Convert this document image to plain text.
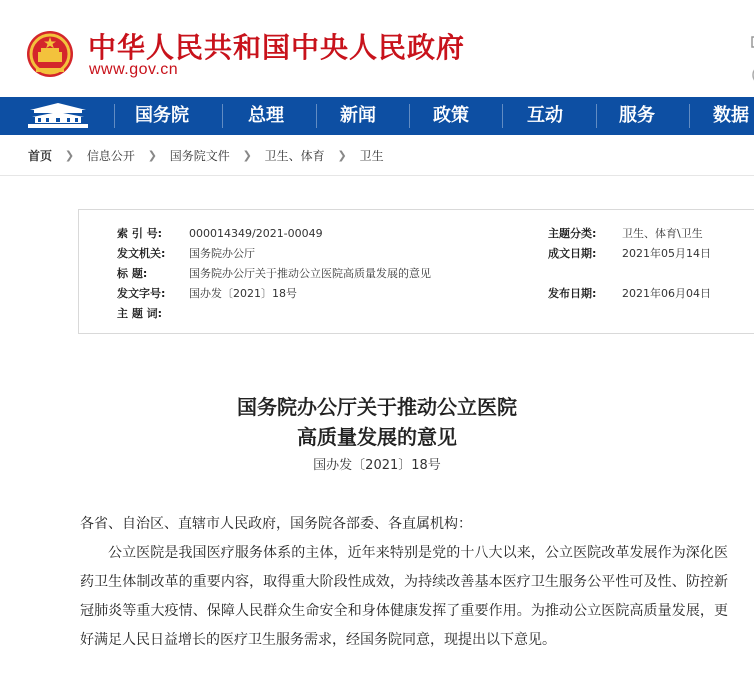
中华人民共和国中央人民政府
www.gov.cn
国务院	总理	新闻	政策	互动	服务	数据
首页 ❯ 信息公开 ❯ 国务院文件 ❯ 卫生、体育 ❯ 卫生
索 引 号: 000014349/2021-00049
发文机关: 国务院办公厅
标 题:	国务院办公厅关于推动公立医院高质量发展的意见
发文字号: 国办发〔2021〕18号
主 题 词:
主题分类: 卫生、体育\卫生
成文日期: 2021年05月14日
发布日期: 2021年06月04日
国务院办公厅关于推动公立医院
高质量发展的意见
国办发〔2021〕18号
各省、自治区、直辖市人民政府，国务院各部委、各直属机构：
公立医院是我国医疗服务体系的主体，近年来特别是党的十八大以来，公立医院改革发展作为深化医药卫生体制改革的重要内容，取得重大阶段性成效，为持续改善基本医疗卫生服务公平性可及性、防控新冠肺炎等重大疫情、保障人民群众生命安全和身体健康发挥了重要作用。为推动公立医院高质量发展，更好满足人民日益增长的医疗卫生服务需求，经国务院同意，现提出以下意见。
